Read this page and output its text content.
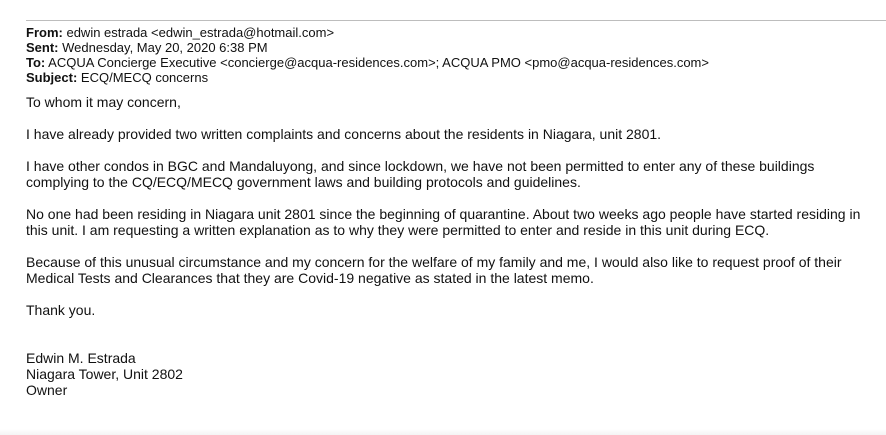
From: edwin estrada <edwin_estrada@hotmail.com>
Sent: Wednesday, May 20, 2020 6:38 PM
To: ACQUA Concierge Executive <concierge@acqua-residences.com>; ACQUA PMO <pmo@acqua-residences.com>
Subject: ECQ/MECQ concerns

To whom it may concern,

I have already provided two written complaints and concerns about the residents in Niagara, unit 2801.

I have other condos in BGC and Mandaluyong, and since lockdown, we have not been permitted to enter any of these buildings complying to the CQ/ECQ/MECQ government laws and building protocols and guidelines.

No one had been residing in Niagara unit 2801 since the beginning of quarantine. About two weeks ago people have started residing in this unit. I am requesting a written explanation as to why they were permitted to enter and reside in this unit during ECQ.

Because of this unusual circumstance and my concern for the welfare of my family and me, I would also like to request proof of their Medical Tests and Clearances that they are Covid-19 negative as stated in the latest memo.

Thank you.

Edwin M. Estrada
Niagara Tower, Unit 2802
Owner
